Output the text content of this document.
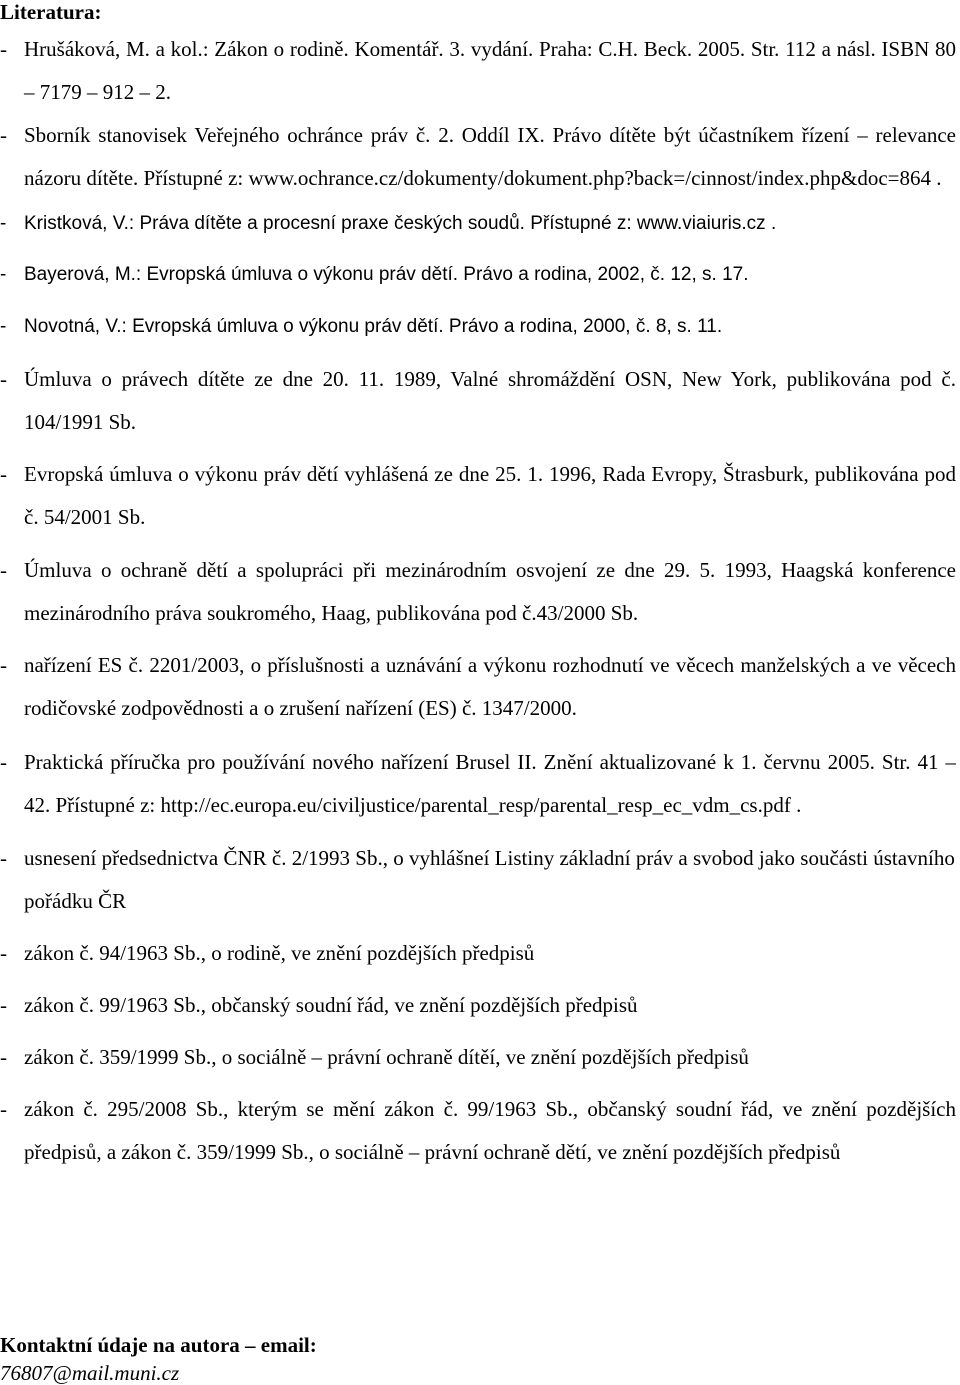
Literatura:
- Hrušáková, M. a kol.: Zákon o rodině. Komentář. 3. vydání. Praha: C.H. Beck. 2005. Str. 112 a násl. ISBN 80 – 7179 – 912 – 2.
- Sborník stanovisek Veřejného ochránce práv č. 2. Oddíl IX. Právo dítěte být účastníkem řízení – relevance názoru dítěte. Přístupné z: www.ochrance.cz/dokumenty/dokument.php?back=/cinnost/index.php&doc=864 .
- Kristková, V.: Práva dítěte a procesní praxe českých soudů. Přístupné z: www.viaiuris.cz .
- Bayerová, M.: Evropská úmluva o výkonu práv dětí. Právo a rodina, 2002, č. 12, s. 17.
- Novotná, V.: Evropská úmluva o výkonu práv dětí. Právo a rodina, 2000, č. 8, s. 11.
- Úmluva o právech dítěte ze dne 20. 11. 1989, Valné shromáždění OSN, New York, publikována pod č. 104/1991 Sb.
- Evropská úmluva o výkonu práv dětí vyhlášená ze dne 25. 1. 1996, Rada Evropy, Štrasburk, publikována pod č. 54/2001 Sb.
- Úmluva o ochraně dětí a spolupráci při mezinárodním osvojení ze dne 29. 5. 1993, Haagská konference mezinárodního práva soukromého, Haag, publikována pod č.43/2000 Sb.
- nařízení ES č. 2201/2003, o příslušnosti a uznávání a výkonu rozhodnutí ve věcech manželských a ve věcech rodičovské zodpovědnosti a o zrušení nařízení (ES) č. 1347/2000.
- Praktická příručka pro používání nového nařízení Brusel II. Znění aktualizované k 1. červnu 2005. Str. 41 – 42. Přístupné z: http://ec.europa.eu/civiljustice/parental_resp/parental_resp_ec_vdm_cs.pdf .
- usnesení předsednictva ČNR č. 2/1993 Sb., o vyhlášneí Listiny základní práv a svobod jako součásti ústavního pořádku ČR
- zákon č. 94/1963 Sb., o rodině, ve znění pozdějších předpisů
- zákon č. 99/1963 Sb., občanský soudní řád, ve znění pozdějších předpisů
- zákon č. 359/1999 Sb., o sociálně – právní ochraně dítěí, ve znění pozdějších předpisů
- zákon č. 295/2008 Sb., kterým se mění zákon č. 99/1963 Sb., občanský soudní řád, ve znění pozdějších předpisů, a zákon č. 359/1999 Sb., o sociálně – právní ochraně dětí, ve znění pozdějších předpisů
Kontaktní údaje na autora – email:
76807@mail.muni.cz
